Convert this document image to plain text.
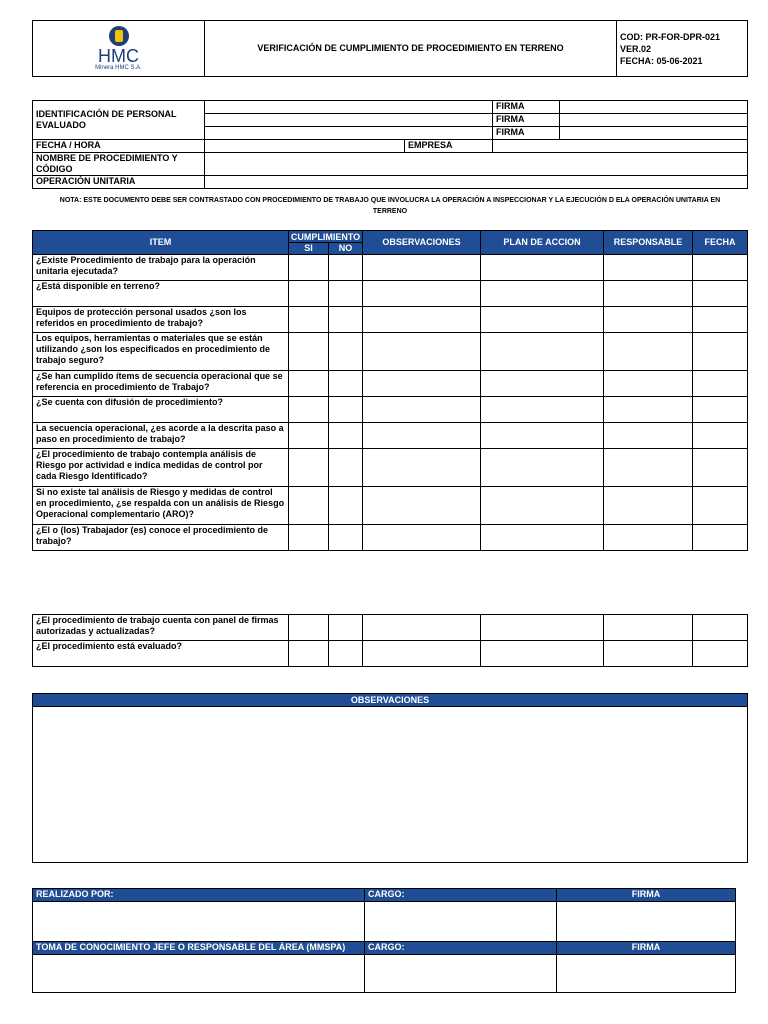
HMC
Minera HMC S.A.
	VERIFICACIÓN DE CUMPLIMIENTO DE PROCEDIMIENTO EN TERRENO	
COD: PR-FOR-DPR-021
VER.02
FECHA: 05-06-2021
IDENTIFICACIÓN DE PERSONAL EVALUADO			FIRMA	
			FIRMA	
			FIRMA	
FECHA / HORA		EMPRESA		
NOMBRE DE PROCEDIMIENTO Y CÓDIGO				
OPERACIÓN UNITARIA				
NOTA: ESTE DOCUMENTO DEBE SER CONTRASTADO CON PROCEDIMIENTO DE TRABAJO QUE INVOLUCRA LA OPERACIÓN A INSPECCIONAR Y LA EJECUCIÓN D ELA OPERACIÓN UNITARIA EN TERRENO
ITEM	CUMPLIMIENTO		OBSERVACIONES	PLAN DE ACCION	RESPONSABLE	FECHA
	SI	NO				
¿Existe Procedimiento de trabajo para la operación unitaria ejecutada?						
¿Está disponible en terreno?						
Equipos de protección personal usados ¿son los referidos en procedimiento de trabajo?						
Los equipos, herramientas o materiales que se están utilizando ¿son los especificados en procedimiento de trabajo seguro?						
¿Se han cumplido ítems de secuencia operacional que se referencia en procedimiento de Trabajo?						
¿Se cuenta con difusión de procedimiento?						
La secuencia operacional, ¿es acorde a la descrita paso a paso en procedimiento de trabajo?						
¿El procedimiento de trabajo contempla análisis de Riesgo por actividad e indica medidas de control por cada Riesgo Identificado?						
Si no existe tal análisis de Riesgo y medidas de control en procedimiento, ¿se respalda con un análisis de Riesgo Operacional complementario (ARO)?						
¿El o (los) Trabajador (es) conoce el procedimiento de trabajo?						
¿El procedimiento de trabajo cuenta con panel de firmas autorizadas y actualizadas?						
¿El procedimiento está evaluado?						
OBSERVACIONES

REALIZADO POR:	CARGO:	FIRMA

TOMA DE CONOCIMIENTO JEFE O RESPONSABLE DEL ÁREA (MMSPA)	CARGO:	FIRMA
